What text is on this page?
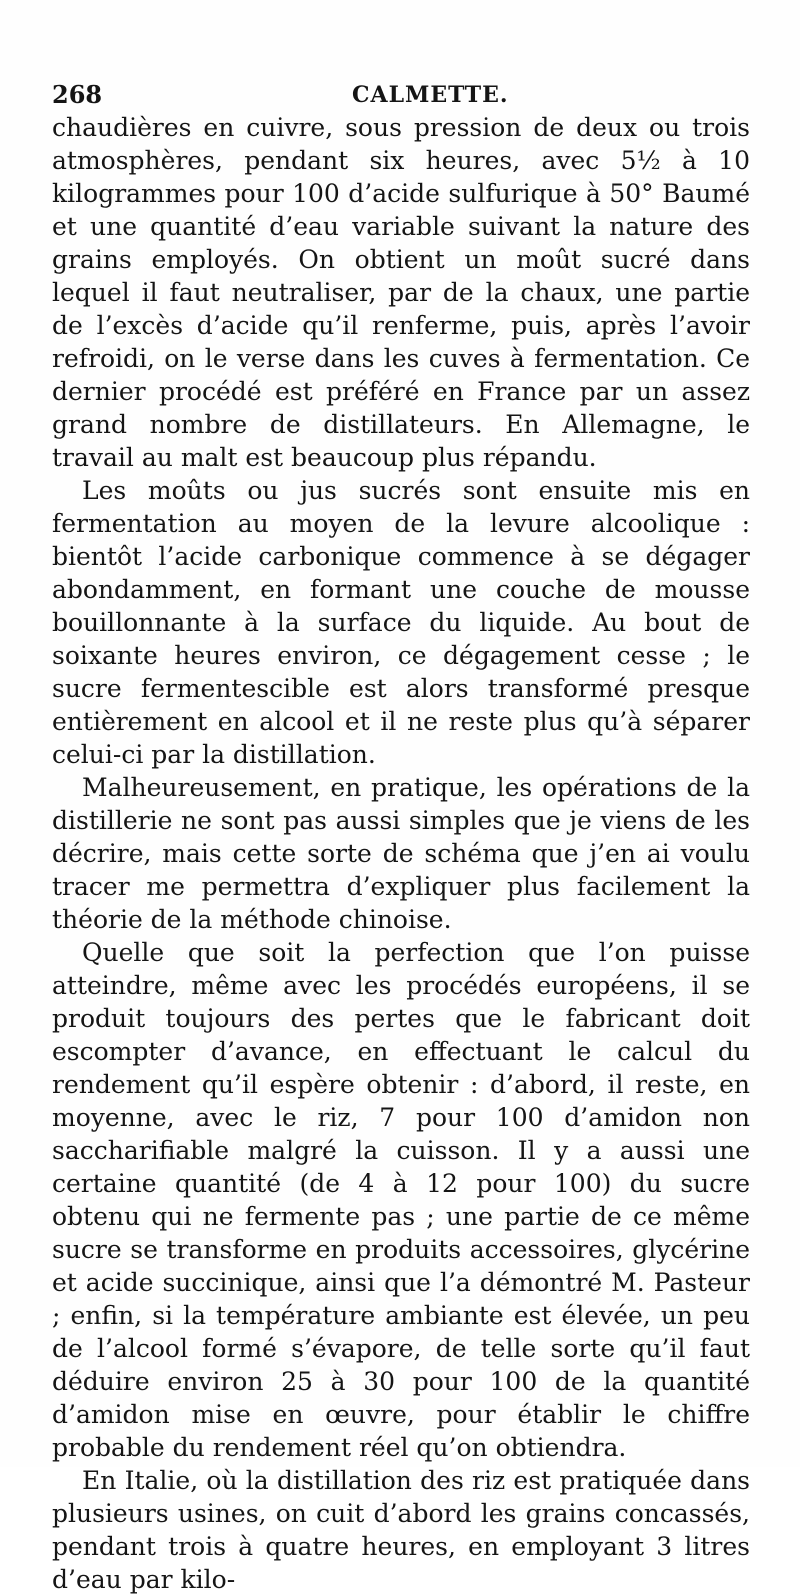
268	CALMETTE.

chaudières en cuivre, sous pression de deux ou trois atmosphères, pendant six heures, avec 5½ à 10 kilogrammes pour 100 d’acide sulfurique à 50° Baumé et une quantité d’eau variable suivant la nature des grains employés. On obtient un moût sucré dans lequel il faut neutraliser, par de la chaux, une partie de l’excès d’acide qu’il renferme, puis, après l’avoir refroidi, on le verse dans les cuves à fermentation. Ce dernier procédé est préféré en France par un assez grand nombre de distillateurs. En Allemagne, le travail au malt est beaucoup plus répandu.

Les moûts ou jus sucrés sont ensuite mis en fermentation au moyen de la levure alcoolique : bientôt l’acide carbonique commence à se dégager abondamment, en formant une couche de mousse bouillonnante à la surface du liquide. Au bout de soixante heures environ, ce dégagement cesse ; le sucre fermentescible est alors transformé presque entièrement en alcool et il ne reste plus qu’à séparer celui-ci par la distillation.

Malheureusement, en pratique, les opérations de la distillerie ne sont pas aussi simples que je viens de les décrire, mais cette sorte de schéma que j’en ai voulu tracer me permettra d’expliquer plus facilement la théorie de la méthode chinoise.

Quelle que soit la perfection que l’on puisse atteindre, même avec les procédés européens, il se produit toujours des pertes que le fabricant doit escompter d’avance, en effectuant le calcul du rendement qu’il espère obtenir : d’abord, il reste, en moyenne, avec le riz, 7 pour 100 d’amidon non saccharifiable malgré la cuisson. Il y a aussi une certaine quantité (de 4 à 12 pour 100) du sucre obtenu qui ne fermente pas ; une partie de ce même sucre se transforme en produits accessoires, glycérine et acide succinique, ainsi que l’a démontré M. Pasteur ; enfin, si la température ambiante est élevée, un peu de l’alcool formé s’évapore, de telle sorte qu’il faut déduire environ 25 à 30 pour 100 de la quantité d’amidon mise en œuvre, pour établir le chiffre probable du rendement réel qu’on obtiendra.

En Italie, où la distillation des riz est pratiquée dans plusieurs usines, on cuit d’abord les grains concassés, pendant trois à quatre heures, en employant 3 litres d’eau par kilo-
